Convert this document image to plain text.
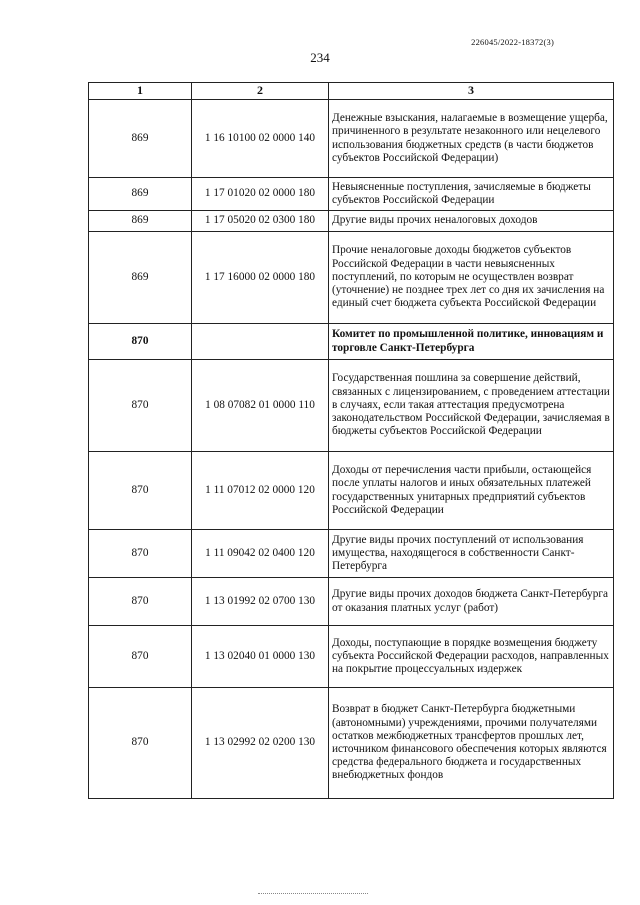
226045/2022-18372(3)
234
1	2	3
869	1 16 10100 02 0000 140	Денежные взыскания, налагаемые в возмещение ущерба, причиненного в результате незаконного или нецелевого использования бюджетных средств (в части бюджетов субъектов Российской Федерации)
869	1 17 01020 02 0000 180	Невыясненные поступления, зачисляемые в бюджеты субъектов Российской Федерации
869	1 17 05020 02 0300 180	Другие виды прочих неналоговых доходов
869	1 17 16000 02 0000 180	Прочие неналоговые доходы бюджетов субъектов Российской Федерации в части невыясненных поступлений, по которым не осуществлен возврат (уточнение) не позднее трех лет со дня их зачисления на единый счет бюджета субъекта Российской Федерации
870		Комитет по промышленной политике, инновациям и торговле Санкт-Петербурга
870	1 08 07082 01 0000 110	Государственная пошлина за совершение действий, связанных с лицензированием, с проведением аттестации в случаях, если такая аттестация предусмотрена законодательством Российской Федерации, зачисляемая в бюджеты субъектов Российской Федерации
870	1 11 07012 02 0000 120	Доходы от перечисления части прибыли, остающейся после уплаты налогов и иных обязательных платежей государственных унитарных предприятий субъектов Российской Федерации
870	1 11 09042 02 0400 120	Другие виды прочих поступлений от использования имущества, находящегося в собственности Санкт-Петербурга
870	1 13 01992 02 0700 130	Другие виды прочих доходов бюджета Санкт-Петербурга от оказания платных услуг (работ)
870	1 13 02040 01 0000 130	Доходы, поступающие в порядке возмещения бюджету субъекта Российской Федерации расходов, направленных на покрытие процессуальных издержек
870	1 13 02992 02 0200 130	Возврат в бюджет Санкт-Петербурга бюджетными (автономными) учреждениями, прочими получателями остатков межбюджетных трансфертов прошлых лет, источником финансового обеспечения которых являются средства федерального бюджета и государственных внебюджетных фондов
